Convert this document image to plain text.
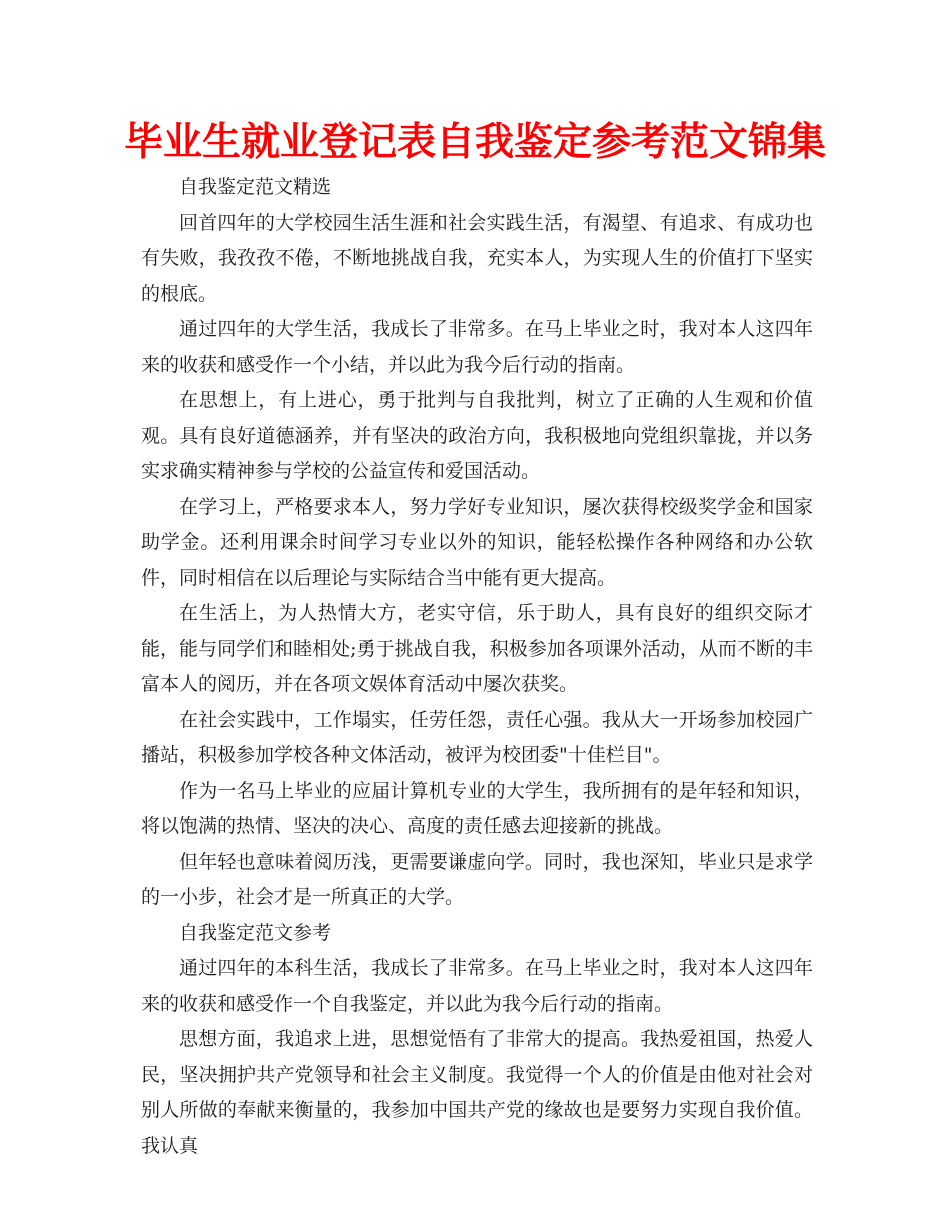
毕业生就业登记表自我鉴定参考范文锦集

自我鉴定范文精选

回首四年的大学校园生活生涯和社会实践生活，有渴望、有追求、有成功也有失败，我孜孜不倦，不断地挑战自我，充实本人，为实现人生的价值打下坚实的根底。

通过四年的大学生活，我成长了非常多。在马上毕业之时，我对本人这四年来的收获和感受作一个小结，并以此为我今后行动的指南。

在思想上，有上进心，勇于批判与自我批判，树立了正确的人生观和价值观。具有良好道德涵养，并有坚决的政治方向，我积极地向党组织靠拢，并以务实求确实精神参与学校的公益宣传和爱国活动。

在学习上，严格要求本人，努力学好专业知识，屡次获得校级奖学金和国家助学金。还利用课余时间学习专业以外的知识，能轻松操作各种网络和办公软件，同时相信在以后理论与实际结合当中能有更大提高。

在生活上，为人热情大方，老实守信，乐于助人，具有良好的组织交际才能，能与同学们和睦相处;勇于挑战自我，积极参加各项课外活动，从而不断的丰富本人的阅历，并在各项文娱体育活动中屡次获奖。

在社会实践中，工作塌实，任劳任怨，责任心强。我从大一开场参加校园广播站，积极参加学校各种文体活动，被评为校团委"十佳栏目"。

作为一名马上毕业的应届计算机专业的大学生，我所拥有的是年轻和知识，将以饱满的热情、坚决的决心、高度的责任感去迎接新的挑战。

但年轻也意味着阅历浅，更需要谦虚向学。同时，我也深知，毕业只是求学的一小步，社会才是一所真正的大学。

自我鉴定范文参考

通过四年的本科生活，我成长了非常多。在马上毕业之时，我对本人这四年来的收获和感受作一个自我鉴定，并以此为我今后行动的指南。

思想方面，我追求上进，思想觉悟有了非常大的提高。我热爱祖国，热爱人民，坚决拥护共产党领导和社会主义制度。我觉得一个人的价值是由他对社会对别人所做的奉献来衡量的，我参加中国共产党的缘故也是要努力实现自我价值。我认真
